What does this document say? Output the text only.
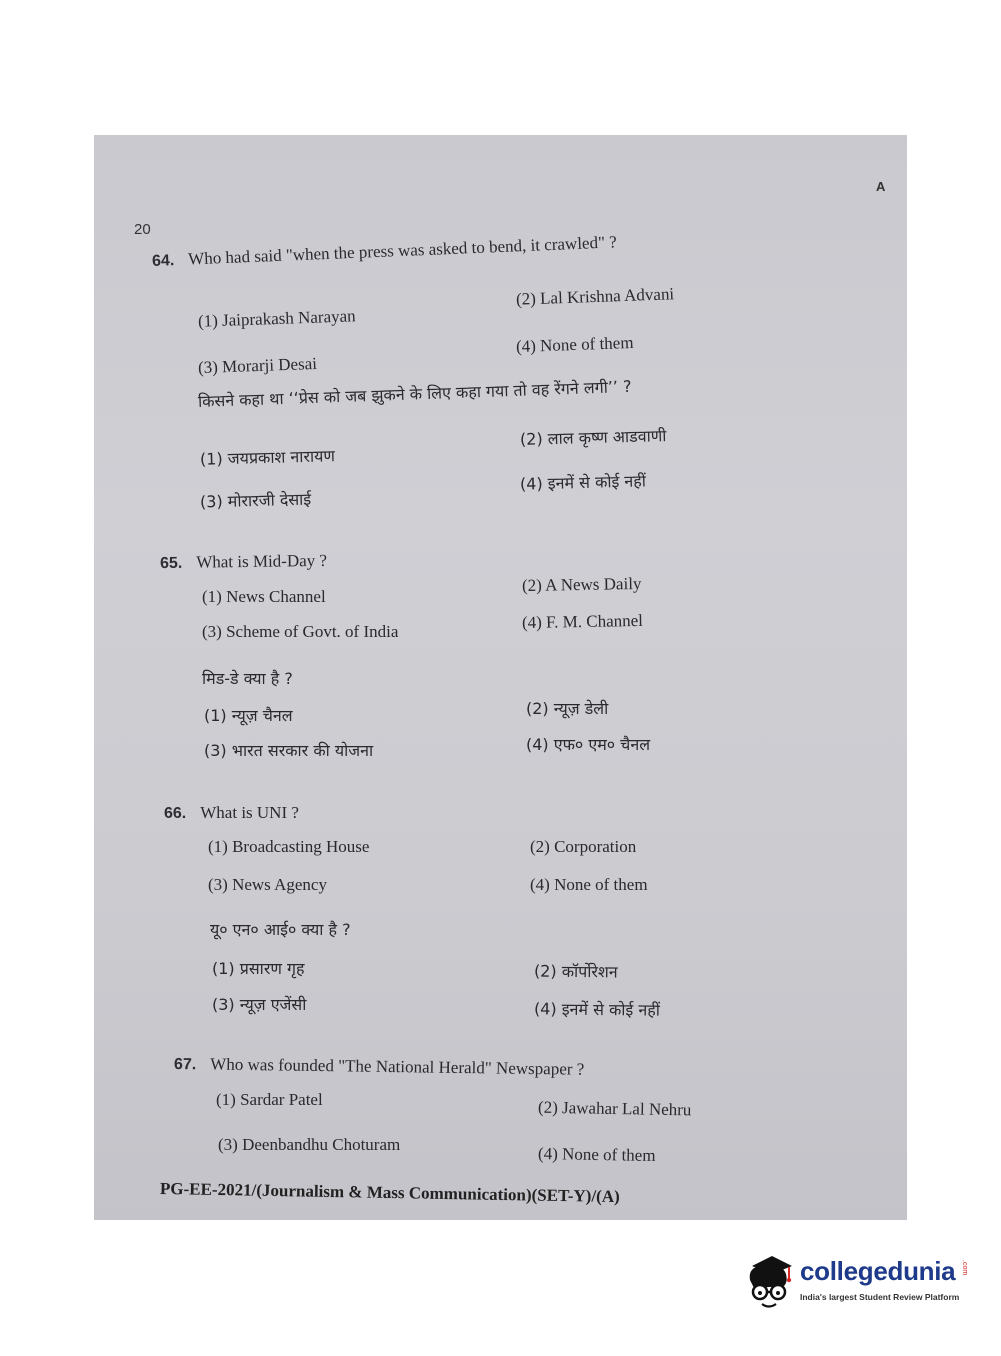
20
A
64. Who had said "when the press was asked to bend, it crawled" ?
(1) Jaiprakash Narayan
(2) Lal Krishna Advani
(3) Morarji Desai
(4) None of them
किसने कहा था ‘‘प्रेस को जब झुकने के लिए कहा गया तो वह रेंगने लगी’’ ?
(1) जयप्रकाश नारायण
(2) लाल कृष्ण आडवाणी
(3) मोरारजी देसाई
(4) इनमें से कोई नहीं
65. What is Mid-Day ?
(1) News Channel
(2) A News Daily
(3) Scheme of Govt. of India	(4) F. M. Channel
मिड-डे क्या है ?
(1) न्यूज़ चैनल	(2) न्यूज़ डेली
(3) भारत सरकार की योजना	(4) एफ० एम० चैनल
66. What is UNI ?
(1) Broadcasting House	(2) Corporation
(3) News Agency	(4) None of them
यू० एन० आई० क्या है ?
(1) प्रसारण गृह	(2) कॉर्पोरेशन
(3) न्यूज़ एजेंसी	(4) इनमें से कोई नहीं
67. Who was founded "The National Herald" Newspaper ?
(1) Sardar Patel	(2) Jawahar Lal Nehru
(3) Deenbandhu Choturam	(4) None of them
PG-EE-2021/(Journalism & Mass Communication)(SET-Y)/(A)
collegedunia .com
India's largest Student Review Platform
